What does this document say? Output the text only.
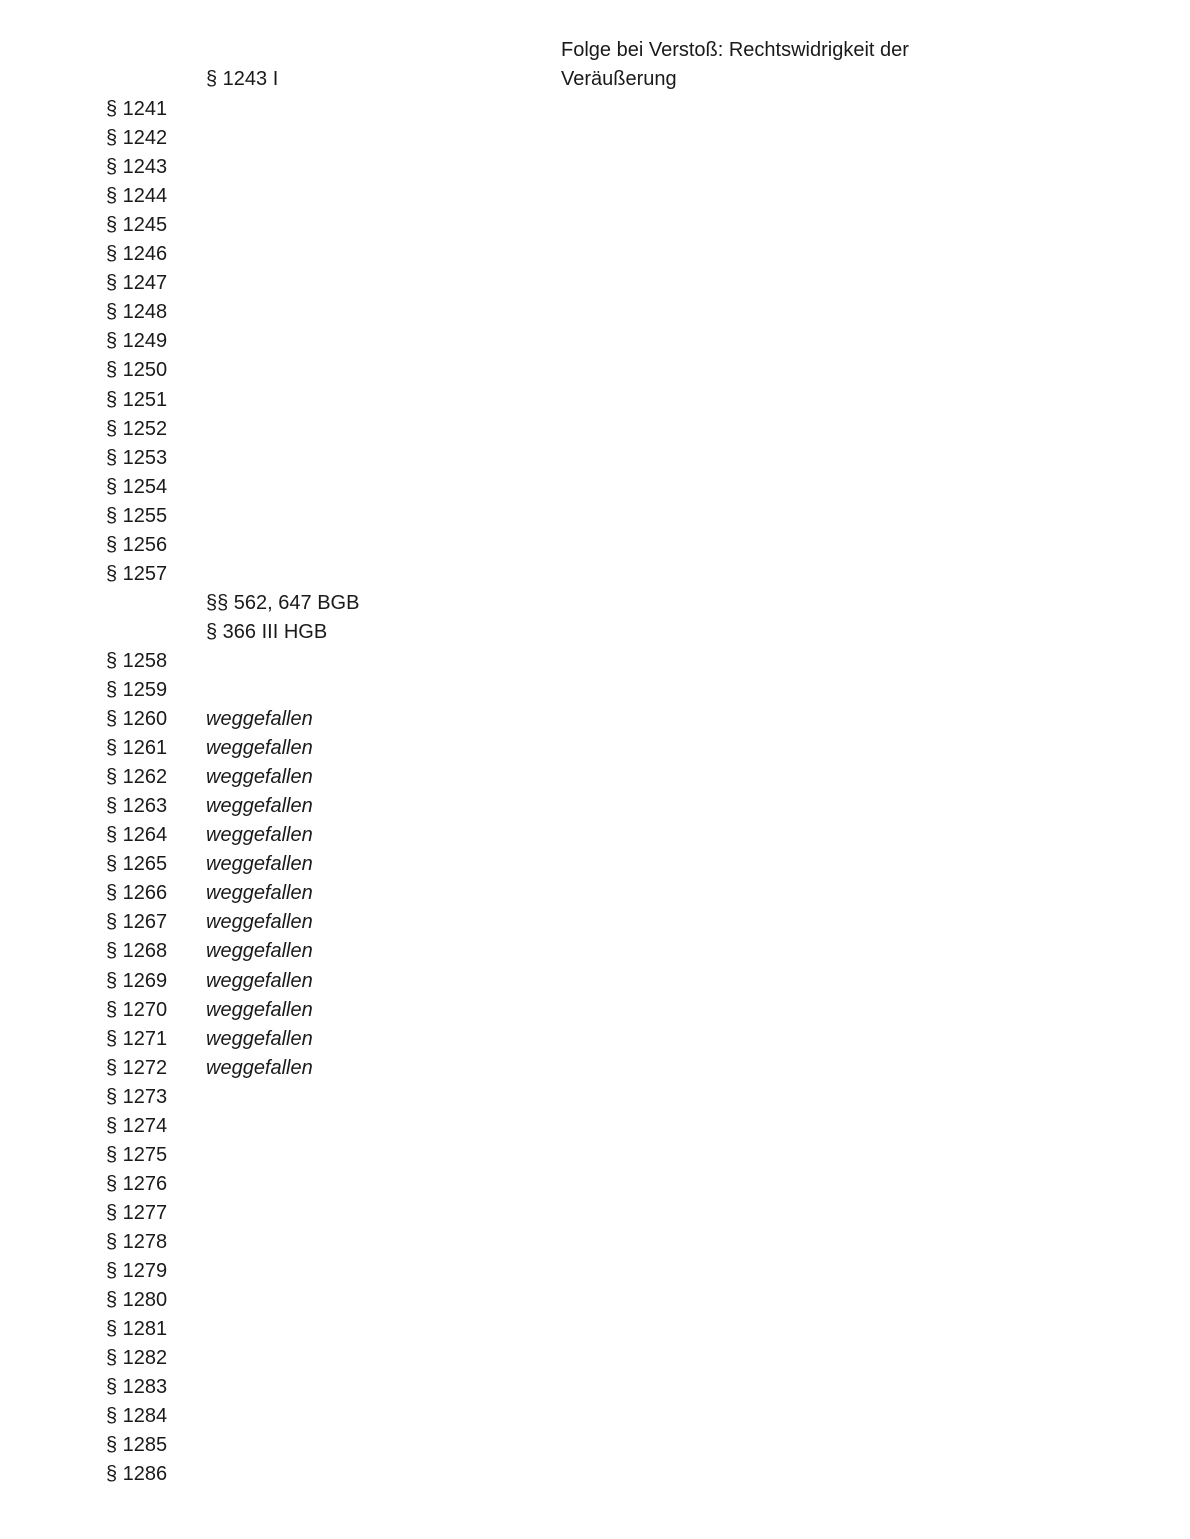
Folge bei Verstoß: Rechtswidrigkeit der Veräußerung
§ 1243 I
§ 1241
§ 1242
§ 1243
§ 1244
§ 1245
§ 1246
§ 1247
§ 1248
§ 1249
§ 1250
§ 1251
§ 1252
§ 1253
§ 1254
§ 1255
§ 1256
§ 1257
§§ 562, 647 BGB
§ 366 III HGB
§ 1258
§ 1259
§ 1260 weggefallen
§ 1261 weggefallen
§ 1262 weggefallen
§ 1263 weggefallen
§ 1264 weggefallen
§ 1265 weggefallen
§ 1266 weggefallen
§ 1267 weggefallen
§ 1268 weggefallen
§ 1269 weggefallen
§ 1270 weggefallen
§ 1271 weggefallen
§ 1272 weggefallen
§ 1273
§ 1274
§ 1275
§ 1276
§ 1277
§ 1278
§ 1279
§ 1280
§ 1281
§ 1282
§ 1283
§ 1284
§ 1285
§ 1286
